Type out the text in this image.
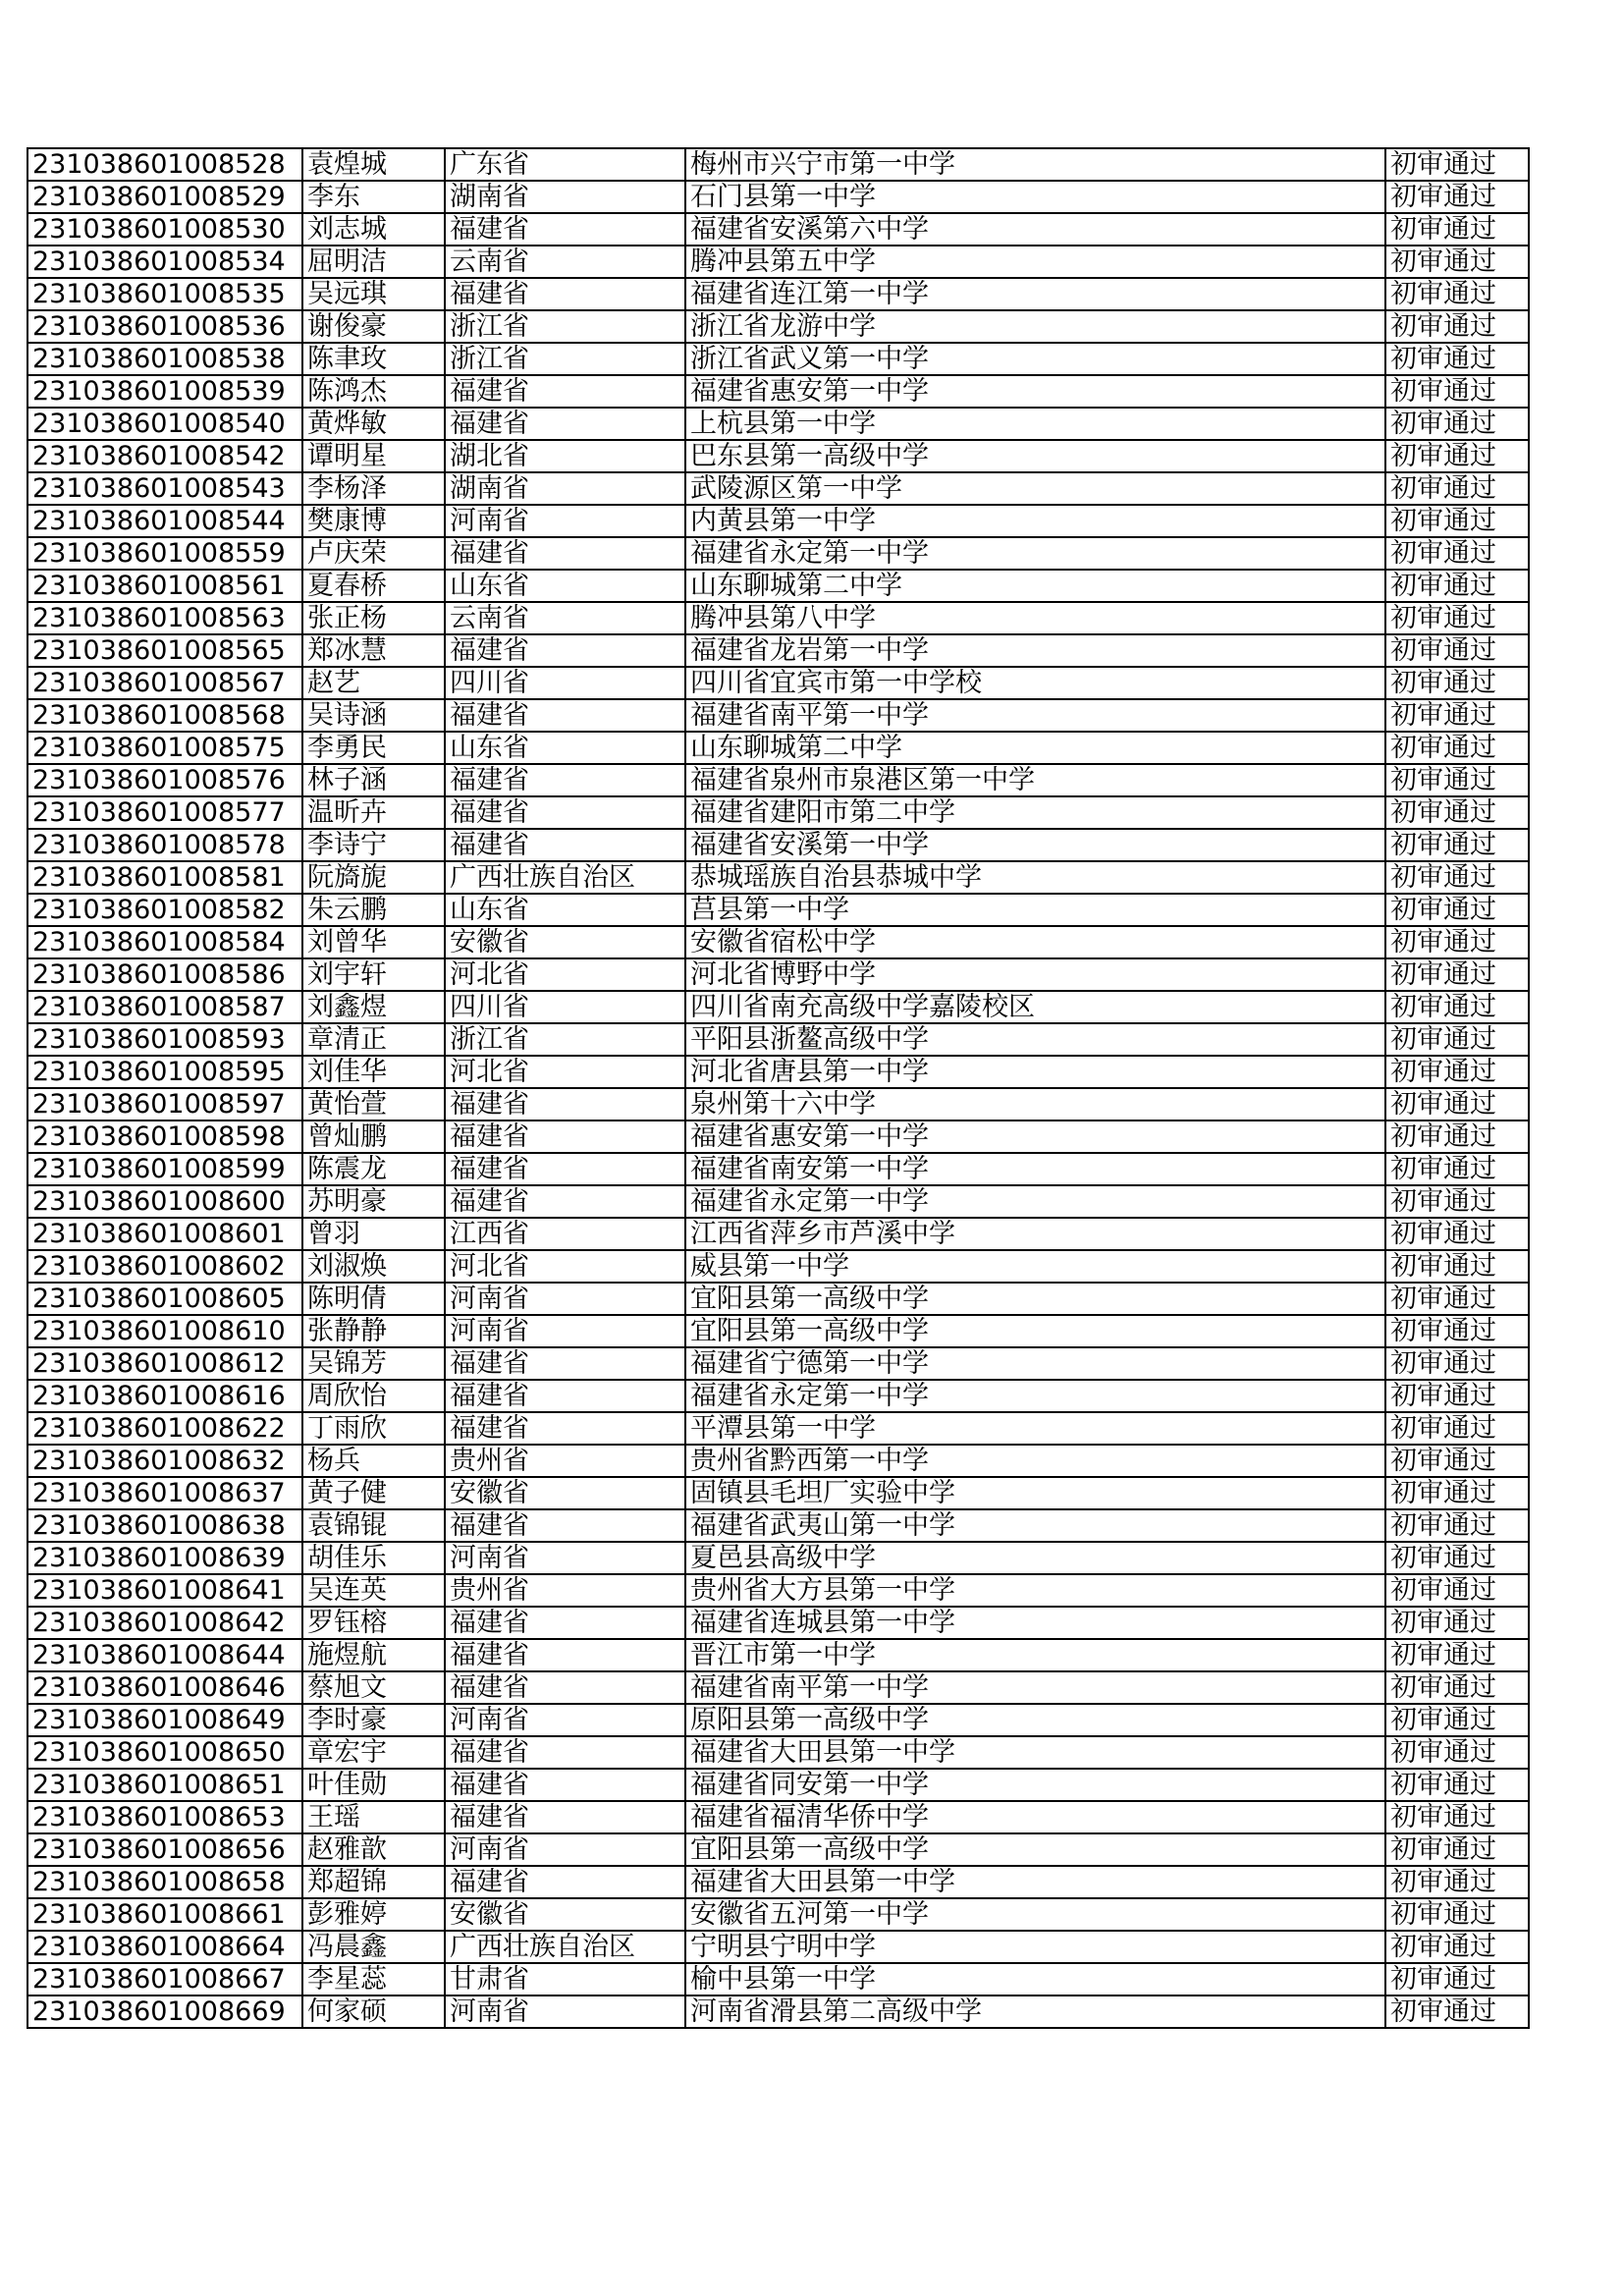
231038601008528	袁煌城	广东省	梅州市兴宁市第一中学	初审通过
231038601008529	李东	湖南省	石门县第一中学	初审通过
231038601008530	刘志城	福建省	福建省安溪第六中学	初审通过
231038601008534	屈明洁	云南省	腾冲县第五中学	初审通过
231038601008535	吴远琪	福建省	福建省连江第一中学	初审通过
231038601008536	谢俊豪	浙江省	浙江省龙游中学	初审通过
231038601008538	陈聿玫	浙江省	浙江省武义第一中学	初审通过
231038601008539	陈鸿杰	福建省	福建省惠安第一中学	初审通过
231038601008540	黄烨敏	福建省	上杭县第一中学	初审通过
231038601008542	谭明星	湖北省	巴东县第一高级中学	初审通过
231038601008543	李杨泽	湖南省	武陵源区第一中学	初审通过
231038601008544	樊康博	河南省	内黄县第一中学	初审通过
231038601008559	卢庆荣	福建省	福建省永定第一中学	初审通过
231038601008561	夏春桥	山东省	山东聊城第二中学	初审通过
231038601008563	张正杨	云南省	腾冲县第八中学	初审通过
231038601008565	郑冰慧	福建省	福建省龙岩第一中学	初审通过
231038601008567	赵艺	四川省	四川省宜宾市第一中学校	初审通过
231038601008568	吴诗涵	福建省	福建省南平第一中学	初审通过
231038601008575	李勇民	山东省	山东聊城第二中学	初审通过
231038601008576	林子涵	福建省	福建省泉州市泉港区第一中学	初审通过
231038601008577	温昕卉	福建省	福建省建阳市第二中学	初审通过
231038601008578	李诗宁	福建省	福建省安溪第一中学	初审通过
231038601008581	阮旖旎	广西壮族自治区	恭城瑶族自治县恭城中学	初审通过
231038601008582	朱云鹏	山东省	莒县第一中学	初审通过
231038601008584	刘曾华	安徽省	安徽省宿松中学	初审通过
231038601008586	刘宇轩	河北省	河北省博野中学	初审通过
231038601008587	刘鑫煜	四川省	四川省南充高级中学嘉陵校区	初审通过
231038601008593	章清正	浙江省	平阳县浙鳌高级中学	初审通过
231038601008595	刘佳华	河北省	河北省唐县第一中学	初审通过
231038601008597	黄怡萱	福建省	泉州第十六中学	初审通过
231038601008598	曾灿鹏	福建省	福建省惠安第一中学	初审通过
231038601008599	陈震龙	福建省	福建省南安第一中学	初审通过
231038601008600	苏明豪	福建省	福建省永定第一中学	初审通过
231038601008601	曾羽	江西省	江西省萍乡市芦溪中学	初审通过
231038601008602	刘淑焕	河北省	威县第一中学	初审通过
231038601008605	陈明倩	河南省	宜阳县第一高级中学	初审通过
231038601008610	张静静	河南省	宜阳县第一高级中学	初审通过
231038601008612	吴锦芳	福建省	福建省宁德第一中学	初审通过
231038601008616	周欣怡	福建省	福建省永定第一中学	初审通过
231038601008622	丁雨欣	福建省	平潭县第一中学	初审通过
231038601008632	杨兵	贵州省	贵州省黔西第一中学	初审通过
231038601008637	黄子健	安徽省	固镇县毛坦厂实验中学	初审通过
231038601008638	袁锦锟	福建省	福建省武夷山第一中学	初审通过
231038601008639	胡佳乐	河南省	夏邑县高级中学	初审通过
231038601008641	吴连英	贵州省	贵州省大方县第一中学	初审通过
231038601008642	罗钰榕	福建省	福建省连城县第一中学	初审通过
231038601008644	施煜航	福建省	晋江市第一中学	初审通过
231038601008646	蔡旭文	福建省	福建省南平第一中学	初审通过
231038601008649	李时豪	河南省	原阳县第一高级中学	初审通过
231038601008650	章宏宇	福建省	福建省大田县第一中学	初审通过
231038601008651	叶佳勋	福建省	福建省同安第一中学	初审通过
231038601008653	王瑶	福建省	福建省福清华侨中学	初审通过
231038601008656	赵雅歆	河南省	宜阳县第一高级中学	初审通过
231038601008658	郑超锦	福建省	福建省大田县第一中学	初审通过
231038601008661	彭雅婷	安徽省	安徽省五河第一中学	初审通过
231038601008664	冯晨鑫	广西壮族自治区	宁明县宁明中学	初审通过
231038601008667	李星蕊	甘肃省	榆中县第一中学	初审通过
231038601008669	何家硕	河南省	河南省滑县第二高级中学	初审通过
